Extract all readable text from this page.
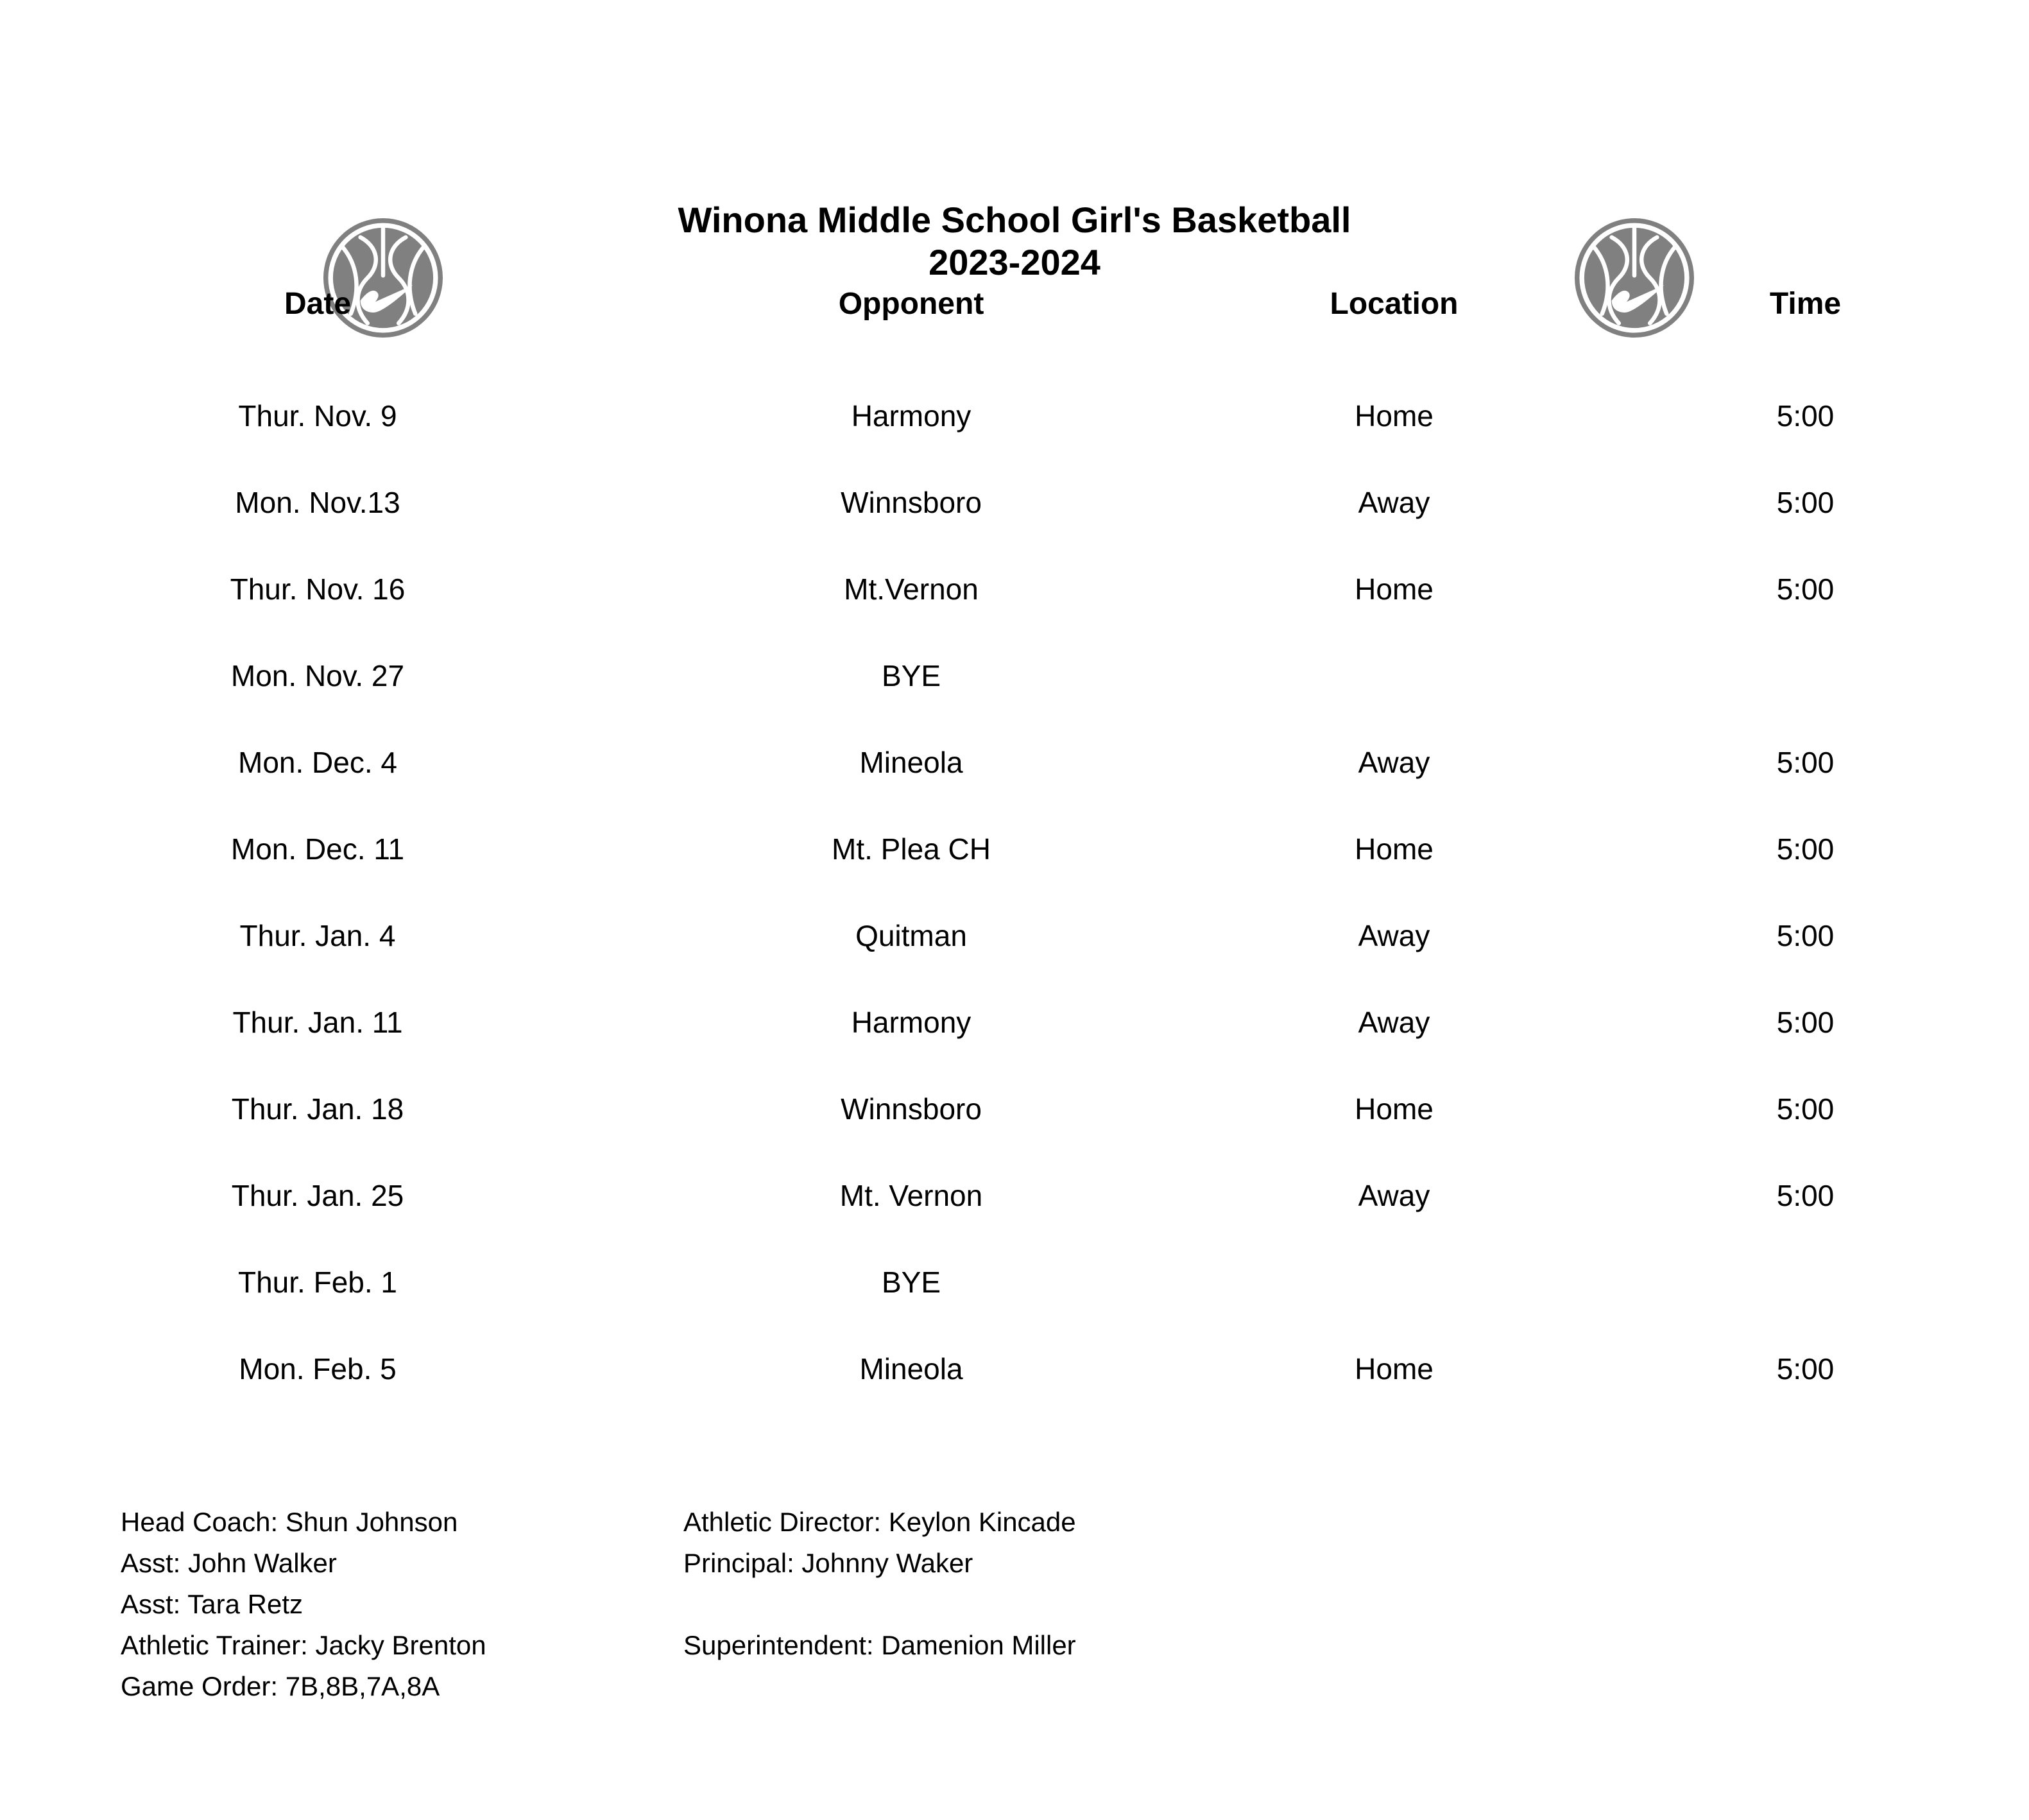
Winona Middle School Girl's Basketball
2023-2024
Date	Opponent	Location	Time
Thur. Nov. 9	Harmony	Home	5:00
Mon. Nov.13	Winnsboro	Away	5:00
Thur. Nov. 16	Mt.Vernon	Home	5:00
Mon. Nov. 27	BYE		
Mon. Dec. 4	Mineola	Away	5:00
Mon. Dec. 11	Mt. Plea CH	Home	5:00
Thur. Jan. 4	Quitman	Away	5:00
Thur. Jan. 11	Harmony	Away	5:00
Thur. Jan. 18	Winnsboro	Home	5:00
Thur. Jan. 25	Mt. Vernon	Away	5:00
Thur. Feb. 1	BYE		
Mon. Feb. 5	Mineola	Home	5:00
Head Coach: Shun Johnson	Athletic Director: Keylon Kincade
Asst: John Walker	Principal: Johnny Waker
Asst: Tara Retz
Athletic Trainer: Jacky Brenton	Superintendent: Damenion Miller
Game Order: 7B,8B,7A,8A
